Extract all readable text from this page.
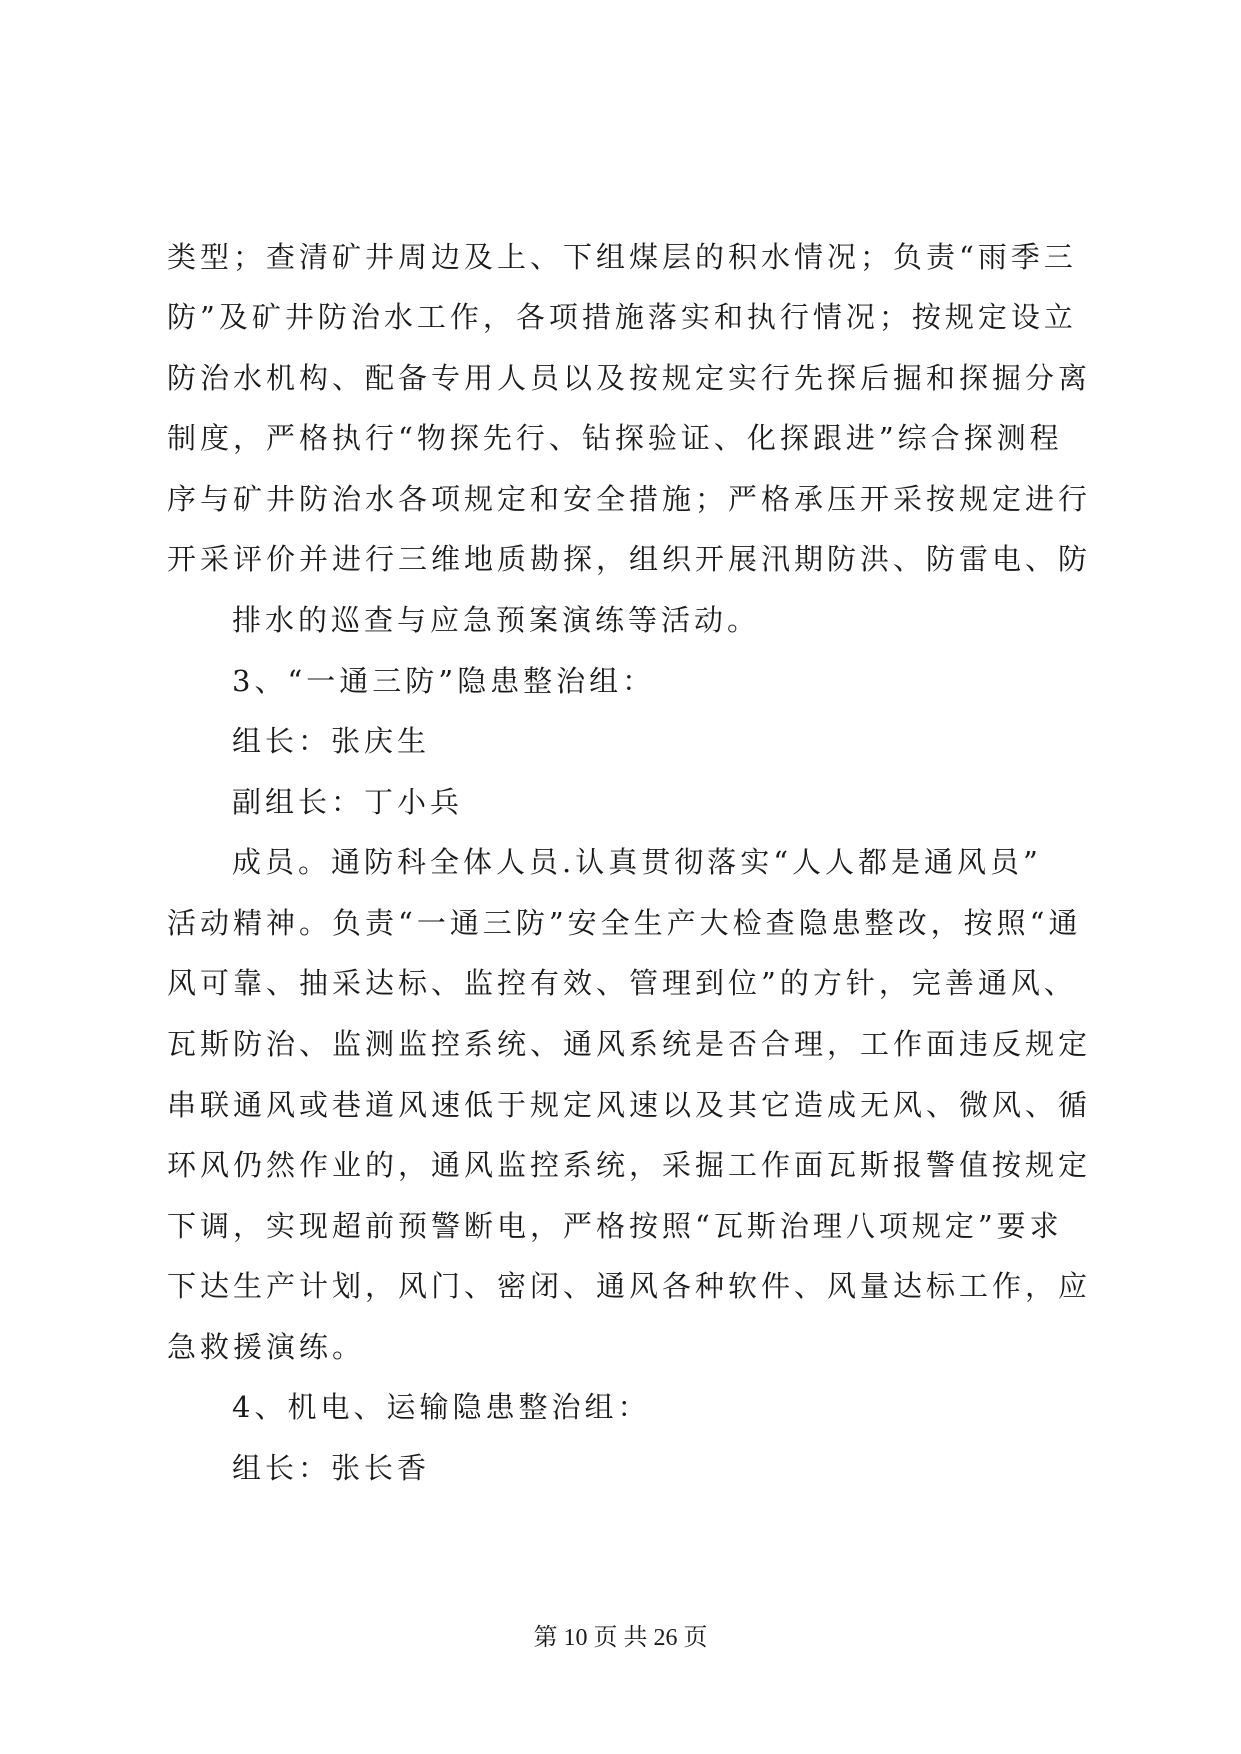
类型；查清矿井周边及上、下组煤层的积水情况；负责“雨季三
防”及矿井防治水工作，各项措施落实和执行情况；按规定设立
防治水机构、配备专用人员以及按规定实行先探后掘和探掘分离
制度，严格执行“物探先行、钻探验证、化探跟进”综合探测程
序与矿井防治水各项规定和安全措施；严格承压开采按规定进行
开采评价并进行三维地质勘探，组织开展汛期防洪、防雷电、防
排水的巡查与应急预案演练等活动。
3、“一通三防”隐患整治组：
组长：张庆生
副组长：丁小兵
成员。通防科全体人员.认真贯彻落实“人人都是通风员”
活动精神。负责“一通三防”安全生产大检查隐患整改，按照“通
风可靠、抽采达标、监控有效、管理到位”的方针，完善通风、
瓦斯防治、监测监控系统、通风系统是否合理，工作面违反规定
串联通风或巷道风速低于规定风速以及其它造成无风、微风、循
环风仍然作业的，通风监控系统，采掘工作面瓦斯报警值按规定
下调，实现超前预警断电，严格按照“瓦斯治理八项规定”要求
下达生产计划，风门、密闭、通风各种软件、风量达标工作，应
急救援演练。
4、机电、运输隐患整治组：
组长：张长香
第 10 页 共 26 页
